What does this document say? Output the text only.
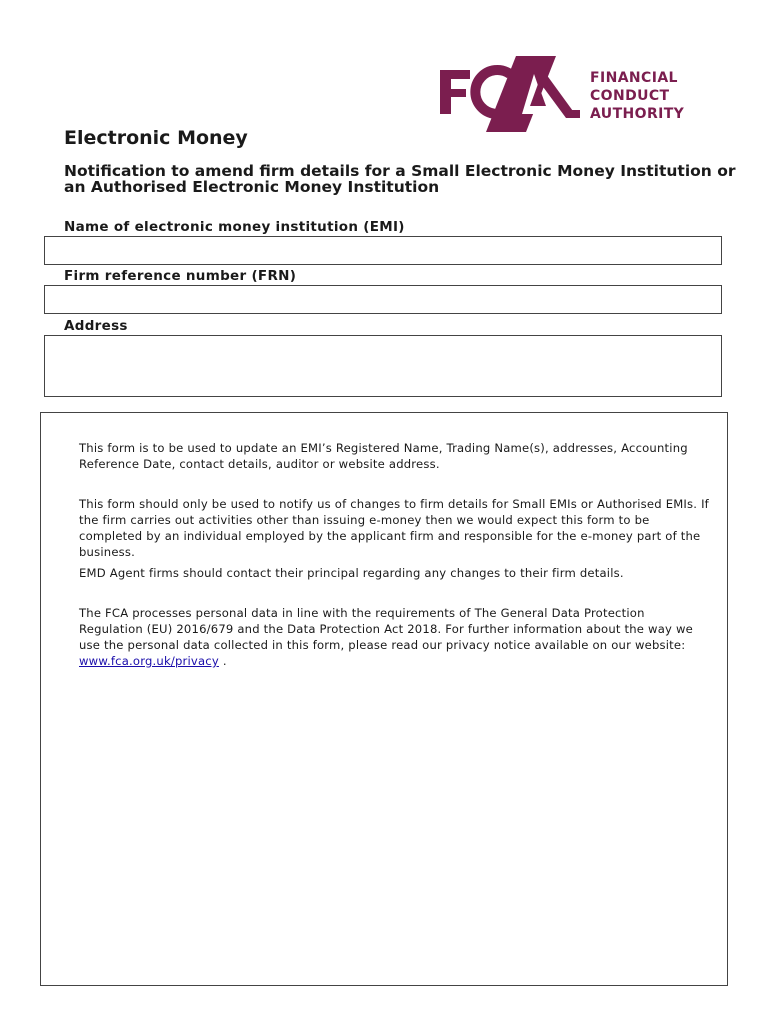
FINANCIAL
CONDUCT
AUTHORITY
Electronic Money
Notification to amend firm details for a Small Electronic Money Institution or an Authorised Electronic Money Institution
Name of electronic money institution (EMI)
Firm reference number (FRN)
Address

This form is to be used to update an EMI’s Registered Name, Trading Name(s), addresses, Accounting Reference Date, contact details, auditor or website address.

This form should only be used to notify us of changes to firm details for Small EMIs or Authorised EMIs. If the firm carries out activities other than issuing e-money then we would expect this form to be completed by an individual employed by the applicant firm and responsible for the e-money part of the business.

EMD Agent firms should contact their principal regarding any changes to their firm details.

The FCA processes personal data in line with the requirements of The General Data Protection Regulation (EU) 2016/679 and the Data Protection Act 2018. For further information about the way we use the personal data collected in this form, please read our privacy notice available on our website: www.fca.org.uk/privacy .
